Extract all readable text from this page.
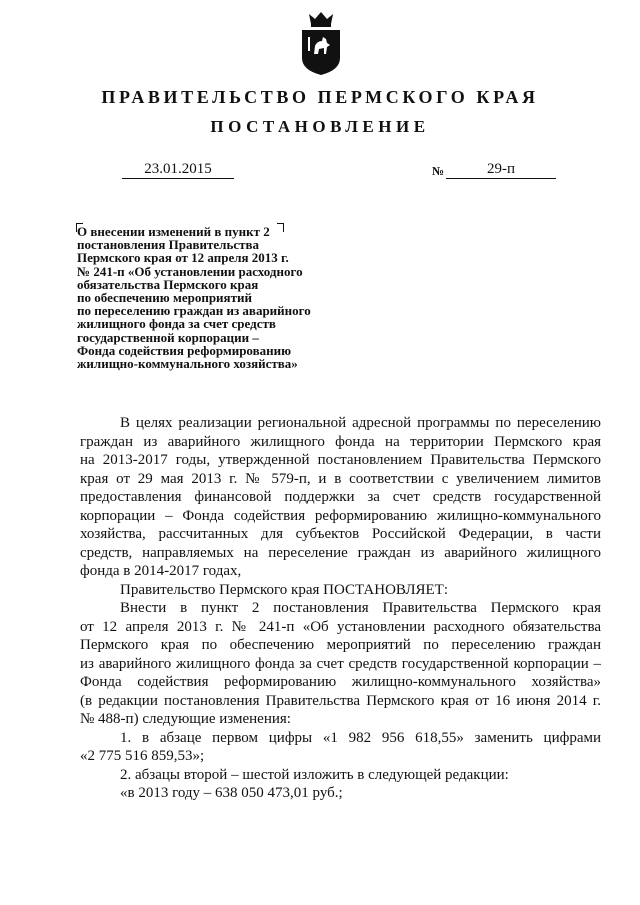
ПРАВИТЕЛЬСТВО ПЕРМСКОГО КРАЯ
ПОСТАНОВЛЕНИЕ
23.01.2015	№	29-п
О внесении изменений в пункт 2
постановления Правительства
Пермского края от 12 апреля 2013 г.
№ 241-п «Об установлении расходного
обязательства Пермского края
по обеспечению мероприятий
по переселению граждан из аварийного
жилищного фонда за счет средств
государственной корпорации –
Фонда содействия реформированию
жилищно-коммунального хозяйства»
В целях реализации региональной адресной программы по переселению
граждан из аварийного жилищного фонда на территории Пермского края
на 2013-2017 годы, утвержденной постановлением Правительства Пермского
края от 29 мая 2013 г. № 579-п, и в соответствии с увеличением лимитов
предоставления финансовой поддержки за счет средств государственной
корпорации – Фонда содействия реформированию жилищно-коммунального
хозяйства, рассчитанных для субъектов Российской Федерации, в части
средств, направляемых на переселение граждан из аварийного жилищного
фонда в 2014-2017 годах,
Правительство Пермского края ПОСТАНОВЛЯЕТ:
Внести в пункт 2 постановления Правительства Пермского края
от 12 апреля 2013 г. № 241-п «Об установлении расходного обязательства
Пермского края по обеспечению мероприятий по переселению граждан
из аварийного жилищного фонда за счет средств государственной корпорации –
Фонда содействия реформированию жилищно-коммунального хозяйства»
(в редакции постановления Правительства Пермского края от 16 июня 2014 г.
№ 488-п) следующие изменения:
1. в абзаце первом цифры «1 982 956 618,55» заменить цифрами
«2 775 516 859,53»;
2. абзацы второй – шестой изложить в следующей редакции:
«в 2013 году – 638 050 473,01 руб.;
